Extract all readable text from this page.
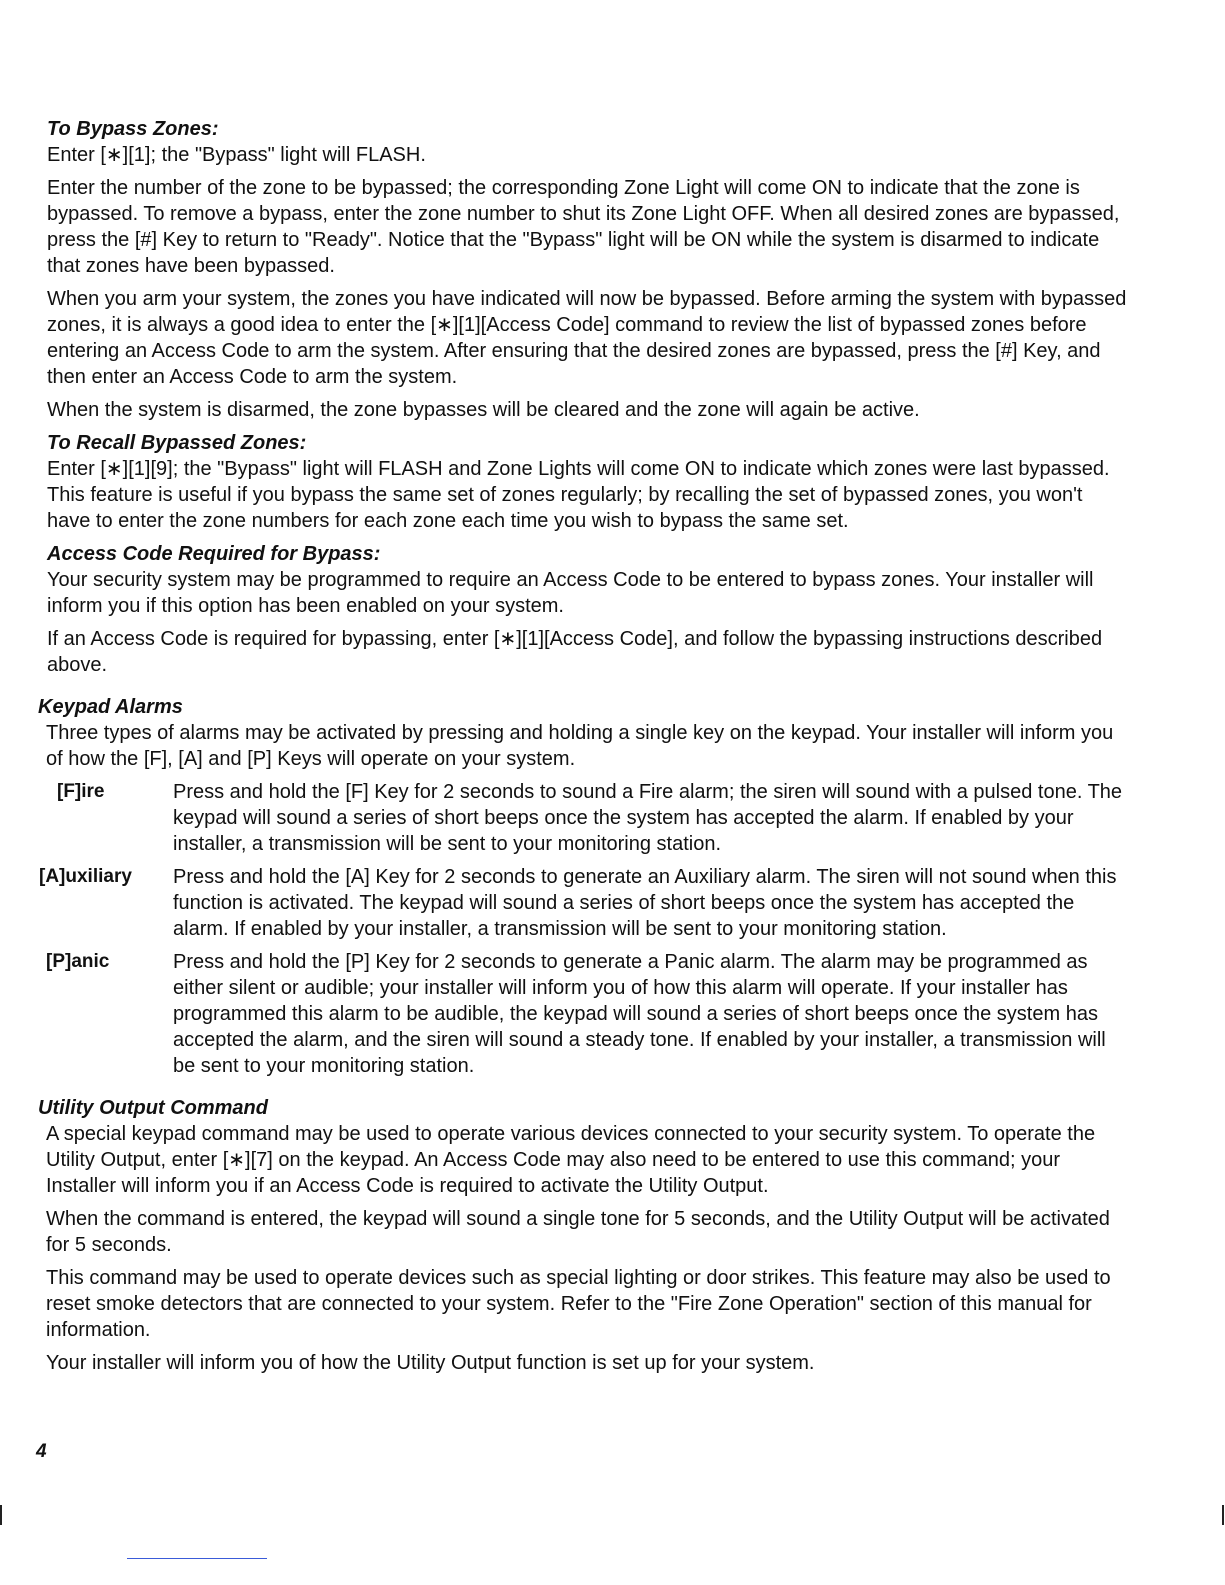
To Bypass Zones:

Enter [∗][1]; the "Bypass" light will FLASH.

Enter the number of the zone to be bypassed; the corresponding Zone Light will come ON to indicate that the zone is bypassed. To remove a bypass, enter the zone number to shut its Zone Light OFF. When all desired zones are bypassed, press the [#] Key to return to "Ready". Notice that the "Bypass" light will be ON while the system is disarmed to indicate that zones have been bypassed.

When you arm your system, the zones you have indicated will now be bypassed. Before arming the system with bypassed zones, it is always a good idea to enter the [∗][1][Access Code] command to review the list of bypassed zones before entering an Access Code to arm the system. After ensuring that the desired zones are bypassed, press the [#] Key, and then enter an Access Code to arm the system.

When the system is disarmed, the zone bypasses will be cleared and the zone will again be active.

To Recall Bypassed Zones:

Enter [∗][1][9]; the "Bypass" light will FLASH and Zone Lights will come ON to indicate which zones were last bypassed. This feature is useful if you bypass the same set of zones regularly; by recalling the set of bypassed zones, you won't have to enter the zone numbers for each zone each time you wish to bypass the same set.

Access Code Required for Bypass:

Your security system may be programmed to require an Access Code to be entered to bypass zones. Your installer will inform you if this option has been enabled on your system.

If an Access Code is required for bypassing, enter [∗][1][Access Code], and follow the bypassing instructions described above.

Keypad Alarms

Three types of alarms may be activated by pressing and holding a single key on the keypad. Your installer will inform you of how the [F], [A] and [P] Keys will operate on your system.

[F]ire	Press and hold the [F] Key for 2 seconds to sound a Fire alarm; the siren will sound with a pulsed tone. The keypad will sound a series of short beeps once the system has accepted the alarm. If enabled by your installer, a transmission will be sent to your monitoring station.
[A]uxiliary	Press and hold the [A] Key for 2 seconds to generate an Auxiliary alarm. The siren will not sound when this function is activated. The keypad will sound a series of short beeps once the system has accepted the alarm. If enabled by your installer, a transmission will be sent to your monitoring station.
[P]anic	Press and hold the [P] Key for 2 seconds to generate a Panic alarm. The alarm may be programmed as either silent or audible; your installer will inform you of how this alarm will operate. If your installer has programmed this alarm to be audible, the keypad will sound a series of short beeps once the system has accepted the alarm, and the siren will sound a steady tone. If enabled by your installer, a transmission will be sent to your monitoring station.
Utility Output Command

A special keypad command may be used to operate various devices connected to your security system. To operate the Utility Output, enter [∗][7] on the keypad. An Access Code may also need to be entered to use this command; your Installer will inform you if an Access Code is required to activate the Utility Output.

When the command is entered, the keypad will sound a single tone for 5 seconds, and the Utility Output will be activated for 5 seconds.

This command may be used to operate devices such as special lighting or door strikes. This feature may also be used to reset smoke detectors that are connected to your system. Refer to the "Fire Zone Operation" section of this manual for information.

Your installer will inform you of how the Utility Output function is set up for your system.

4
